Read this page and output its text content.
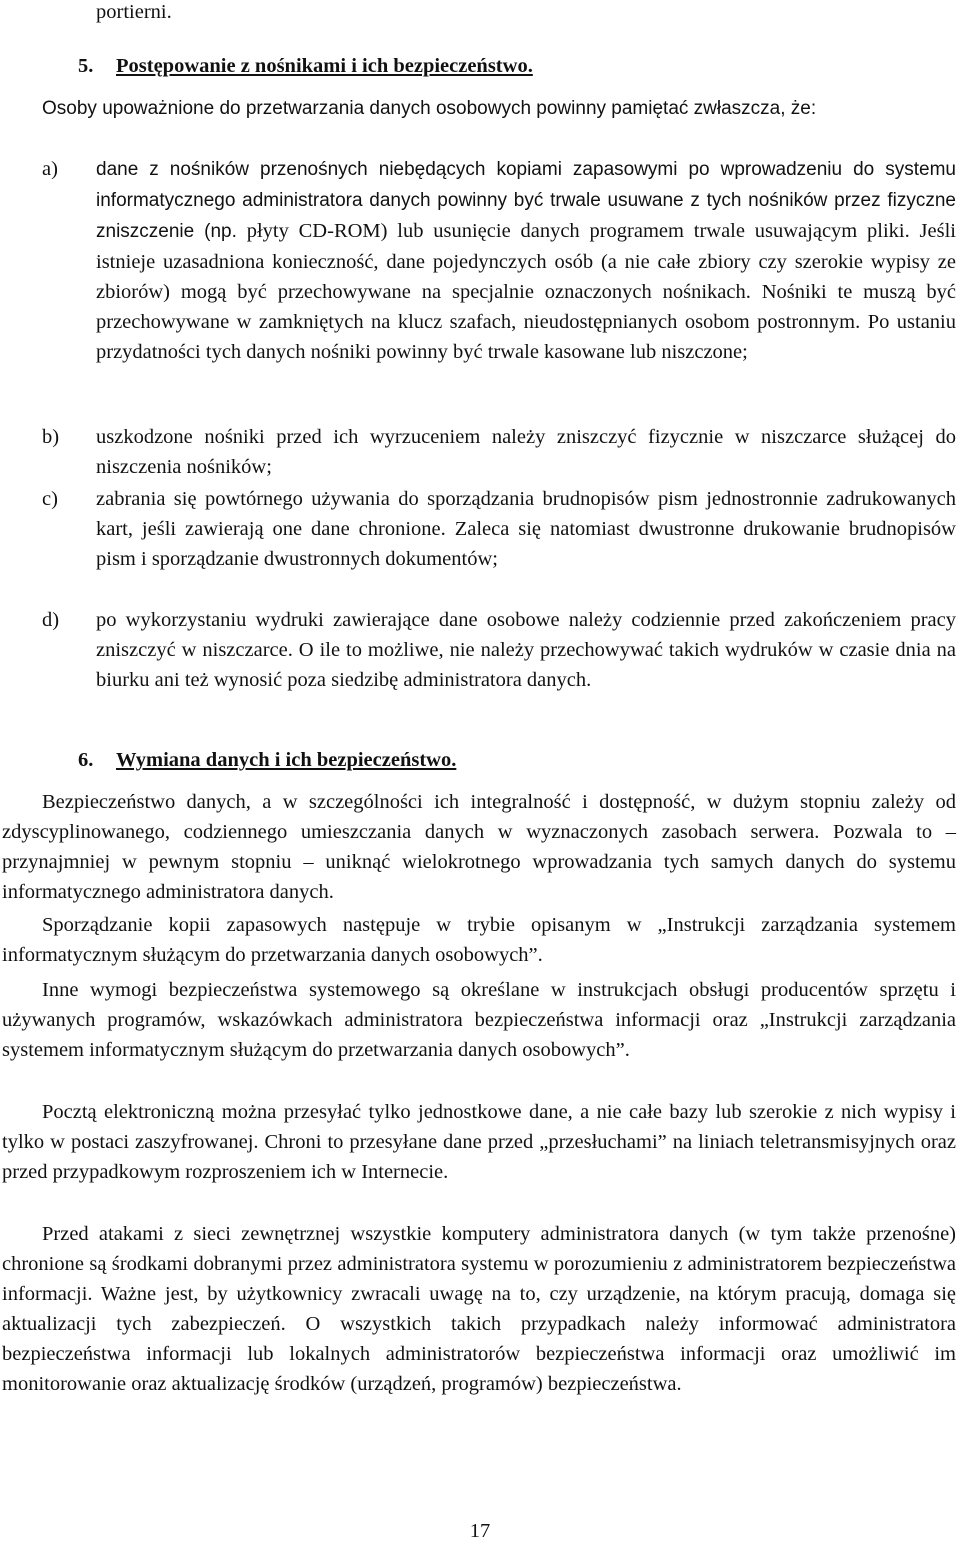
portierni.
5. Postępowanie z nośnikami i ich bezpieczeństwo.
Osoby upoważnione do przetwarzania danych osobowych powinny pamiętać zwłaszcza, że:
a) dane z nośników przenośnych niebędących kopiami zapasowymi po wprowadzeniu do systemu informatycznego administratora danych powinny być trwale usuwane z tych nośników przez fizyczne zniszczenie (np. płyty CD-ROM) lub usunięcie danych programem trwale usuwającym pliki. Jeśli istnieje uzasadniona konieczność, dane pojedynczych osób (a nie całe zbiory czy szerokie wypisy ze zbiorów) mogą być przechowywane na specjalnie oznaczonych nośnikach. Nośniki te muszą być przechowywane w zamkniętych na klucz szafach, nieudostępnianych osobom postronnym. Po ustaniu przydatności tych danych nośniki powinny być trwale kasowane lub niszczone;
b) uszkodzone nośniki przed ich wyrzuceniem należy zniszczyć fizycznie w niszczarce służącej do niszczenia nośników;
c) zabrania się powtórnego używania do sporządzania brudnopisów pism jednostronnie zadrukowanych kart, jeśli zawierają one dane chronione. Zaleca się natomiast dwustronne drukowanie brudnopisów pism i sporządzanie dwustronnych dokumentów;
d) po wykorzystaniu wydruki zawierające dane osobowe należy codziennie przed zakończeniem pracy zniszczyć w niszczarce. O ile to możliwe, nie należy przechowywać takich wydruków w czasie dnia na biurku ani też wynosić poza siedzibę administratora danych.
6. Wymiana danych i ich bezpieczeństwo.
Bezpieczeństwo danych, a w szczególności ich integralność i dostępność, w dużym stopniu zależy od zdyscyplinowanego, codziennego umieszczania danych w wyznaczonych zasobach serwera. Pozwala to – przynajmniej w pewnym stopniu – uniknąć wielokrotnego wprowadzania tych samych danych do systemu informatycznego administratora danych.
Sporządzanie kopii zapasowych następuje w trybie opisanym w „Instrukcji zarządzania systemem informatycznym służącym do przetwarzania danych osobowych”.
Inne wymogi bezpieczeństwa systemowego są określane w instrukcjach obsługi producentów sprzętu i używanych programów, wskazówkach administratora bezpieczeństwa informacji oraz „Instrukcji zarządzania systemem informatycznym służącym do przetwarzania danych osobowych”.
Pocztą elektroniczną można przesyłać tylko jednostkowe dane, a nie całe bazy lub szerokie z nich wypisy i tylko w postaci zaszyfrowanej. Chroni to przesyłane dane przed „przesłuchami” na liniach teletransmisyjnych oraz przed przypadkowym rozproszeniem ich w Internecie.
Przed atakami z sieci zewnętrznej wszystkie komputery administratora danych (w tym także przenośne) chronione są środkami dobranymi przez administratora systemu w porozumieniu z administratorem bezpieczeństwa informacji. Ważne jest, by użytkownicy zwracali uwagę na to, czy urządzenie, na którym pracują, domaga się aktualizacji tych zabezpieczeń. O wszystkich takich przypadkach należy informować administratora bezpieczeństwa informacji lub lokalnych administratorów bezpieczeństwa informacji oraz umożliwić im monitorowanie oraz aktualizację środków (urządzeń, programów) bezpieczeństwa.
17
